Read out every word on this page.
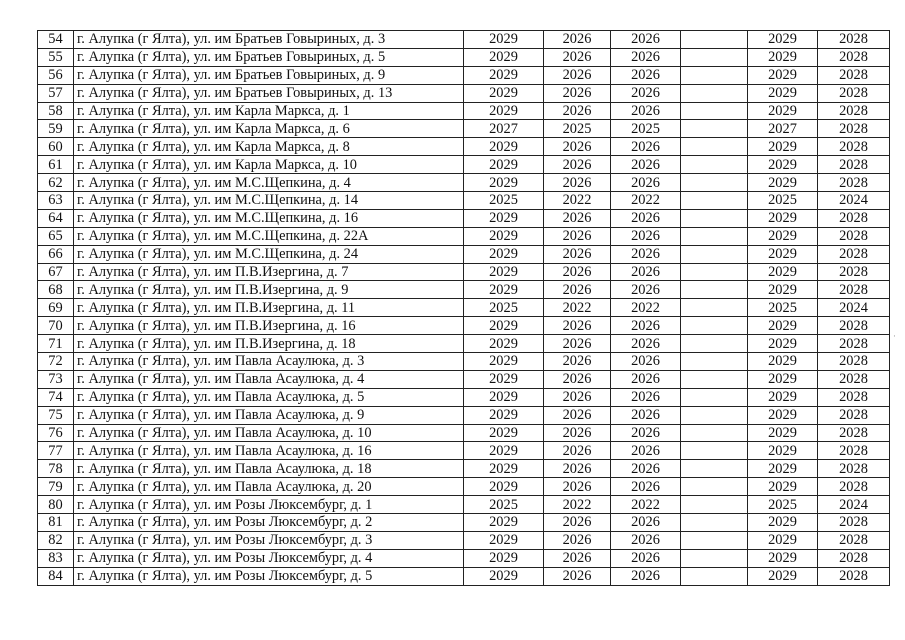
54	г. Алупка (г Ялта), ул. им Братьев Говыриных, д. 3	2029	2026	2026		2029	2028
55	г. Алупка (г Ялта), ул. им Братьев Говыриных, д. 5	2029	2026	2026		2029	2028
56	г. Алупка (г Ялта), ул. им Братьев Говыриных, д. 9	2029	2026	2026		2029	2028
57	г. Алупка (г Ялта), ул. им Братьев Говыриных, д. 13	2029	2026	2026		2029	2028
58	г. Алупка (г Ялта), ул. им Карла Маркса, д. 1	2029	2026	2026		2029	2028
59	г. Алупка (г Ялта), ул. им Карла Маркса, д. 6	2027	2025	2025		2027	2028
60	г. Алупка (г Ялта), ул. им Карла Маркса, д. 8	2029	2026	2026		2029	2028
61	г. Алупка (г Ялта), ул. им Карла Маркса, д. 10	2029	2026	2026		2029	2028
62	г. Алупка (г Ялта), ул. им М.С.Щепкина, д. 4	2029	2026	2026		2029	2028
63	г. Алупка (г Ялта), ул. им М.С.Щепкина, д. 14	2025	2022	2022		2025	2024
64	г. Алупка (г Ялта), ул. им М.С.Щепкина, д. 16	2029	2026	2026		2029	2028
65	г. Алупка (г Ялта), ул. им М.С.Щепкина, д. 22А	2029	2026	2026		2029	2028
66	г. Алупка (г Ялта), ул. им М.С.Щепкина, д. 24	2029	2026	2026		2029	2028
67	г. Алупка (г Ялта), ул. им П.В.Изергина, д. 7	2029	2026	2026		2029	2028
68	г. Алупка (г Ялта), ул. им П.В.Изергина, д. 9	2029	2026	2026		2029	2028
69	г. Алупка (г Ялта), ул. им П.В.Изергина, д. 11	2025	2022	2022		2025	2024
70	г. Алупка (г Ялта), ул. им П.В.Изергина, д. 16	2029	2026	2026		2029	2028
71	г. Алупка (г Ялта), ул. им П.В.Изергина, д. 18	2029	2026	2026		2029	2028
72	г. Алупка (г Ялта), ул. им Павла Асаулюка, д. 3	2029	2026	2026		2029	2028
73	г. Алупка (г Ялта), ул. им Павла Асаулюка, д. 4	2029	2026	2026		2029	2028
74	г. Алупка (г Ялта), ул. им Павла Асаулюка, д. 5	2029	2026	2026		2029	2028
75	г. Алупка (г Ялта), ул. им Павла Асаулюка, д. 9	2029	2026	2026		2029	2028
76	г. Алупка (г Ялта), ул. им Павла Асаулюка, д. 10	2029	2026	2026		2029	2028
77	г. Алупка (г Ялта), ул. им Павла Асаулюка, д. 16	2029	2026	2026		2029	2028
78	г. Алупка (г Ялта), ул. им Павла Асаулюка, д. 18	2029	2026	2026		2029	2028
79	г. Алупка (г Ялта), ул. им Павла Асаулюка, д. 20	2029	2026	2026		2029	2028
80	г. Алупка (г Ялта), ул. им Розы Люксембург, д. 1	2025	2022	2022		2025	2024
81	г. Алупка (г Ялта), ул. им Розы Люксембург, д. 2	2029	2026	2026		2029	2028
82	г. Алупка (г Ялта), ул. им Розы Люксембург, д. 3	2029	2026	2026		2029	2028
83	г. Алупка (г Ялта), ул. им Розы Люксембург, д. 4	2029	2026	2026		2029	2028
84	г. Алупка (г Ялта), ул. им Розы Люксембург, д. 5	2029	2026	2026		2029	2028
·
